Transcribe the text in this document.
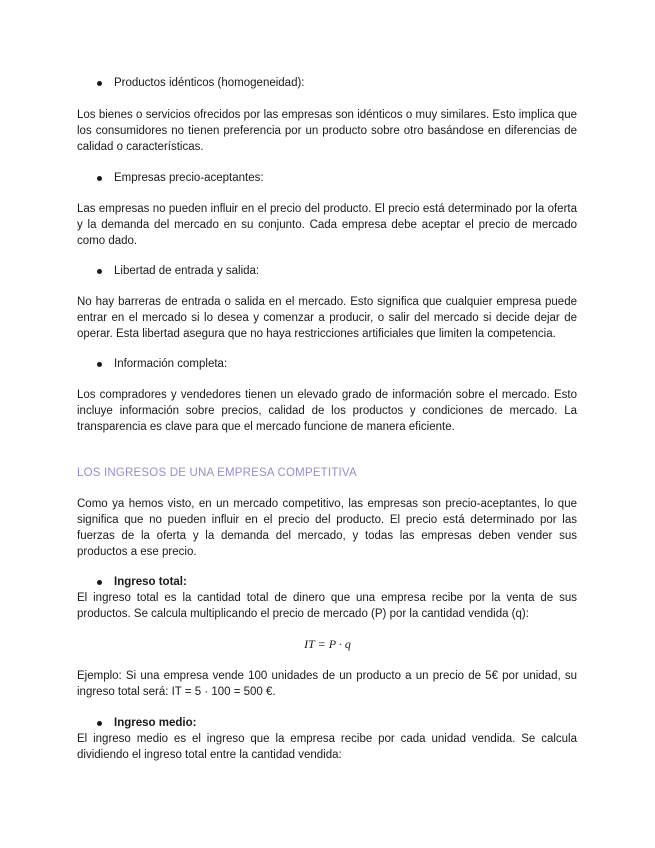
Productos idénticos (homogeneidad):

Los bienes o servicios ofrecidos por las empresas son idénticos o muy similares. Esto implica que los consumidores no tienen preferencia por un producto sobre otro basándose en diferencias de calidad o características.

Empresas precio-aceptantes:

Las empresas no pueden influir en el precio del producto. El precio está determinado por la oferta y la demanda del mercado en su conjunto. Cada empresa debe aceptar el precio de mercado como dado.

Libertad de entrada y salida:

No hay barreras de entrada o salida en el mercado. Esto significa que cualquier empresa puede entrar en el mercado si lo desea y comenzar a producir, o salir del mercado si decide dejar de operar. Esta libertad asegura que no haya restricciones artificiales que limiten la competencia.

Información completa:

Los compradores y vendedores tienen un elevado grado de información sobre el mercado. Esto incluye información sobre precios, calidad de los productos y condiciones de mercado. La transparencia es clave para que el mercado funcione de manera eficiente.

LOS INGRESOS DE UNA EMPRESA COMPETITIVA

Como ya hemos visto, en un mercado competitivo, las empresas son precio-aceptantes, lo que significa que no pueden influir en el precio del producto. El precio está determinado por las fuerzas de la oferta y la demanda del mercado, y todas las empresas deben vender sus productos a ese precio.

Ingreso total:

El ingreso total es la cantidad total de dinero que una empresa recibe por la venta de sus productos. Se calcula multiplicando el precio de mercado (P) por la cantidad vendida (q):

IT = P · q

Ejemplo: Si una empresa vende 100 unidades de un producto a un precio de 5€ por unidad, su ingreso total será: IT = 5 · 100 = 500 €.

Ingreso medio:

El ingreso medio es el ingreso que la empresa recibe por cada unidad vendida. Se calcula dividiendo el ingreso total entre la cantidad vendida:
